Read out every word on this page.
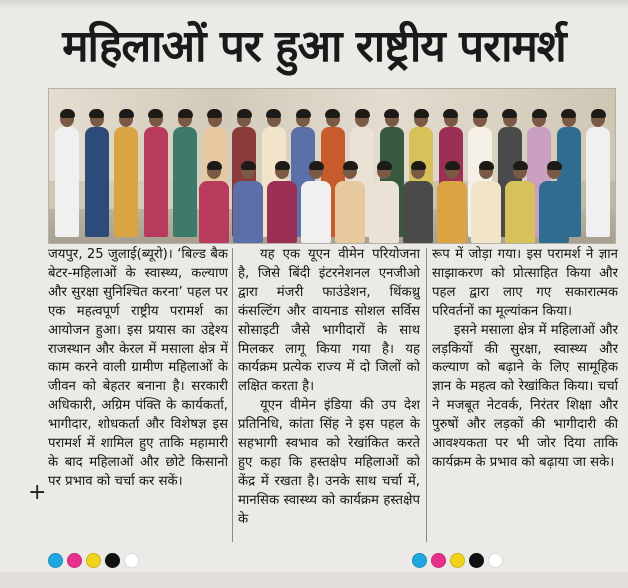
महिलाओं पर हुआ राष्ट्रीय परामर्श

जयपुर, 25 जुलाई(ब्यूरो)। ‘बिल्ड बैक बेटर-महिलाओं के स्वास्थ्य, कल्याण और सुरक्षा सुनिश्चित करना’ पहल पर एक महत्वपूर्ण राष्ट्रीय परामर्श का आयोजन हुआ। इस प्रयास का उद्देश्य राजस्थान और केरल में मसाला क्षेत्र में काम करने वाली ग्रामीण महिलाओं के जीवन को बेहतर बनाना है। सरकारी अधिकारी, अग्रिम पंक्ति के कार्यकर्ता, भागीदार, शोधकर्ता और विशेषज्ञ इस परामर्श में शामिल हुए ताकि महामारी के बाद महिलाओं और छोटे किसानो पर प्रभाव को चर्चा कर सकें।

यह एक यूएन वीमेन परियोजना है, जिसे बिंदी इंटरनेशनल एनजीओ द्वारा मंजरी फाउंडेशन, थिंकथ्रु कंसल्टिंग और वायनाड सोशल सर्विस सोसाइटी जैसे भागीदारों के साथ मिलकर लागू किया गया है। यह कार्यक्रम प्रत्येक राज्य में दो जिलों को लक्षित करता है।

यूएन वीमेन इंडिया की उप देश प्रतिनिधि, कांता सिंह ने इस पहल के सहभागी स्वभाव को रेखांकित करते हुए कहा कि हस्तक्षेप महिलाओं को केंद्र में रखता है। उनके साथ चर्चा में, मानसिक स्वास्थ्य को कार्यक्रम हस्तक्षेप के

रूप में जोड़ा गया। इस परामर्श ने ज्ञान साझाकरण को प्रोत्साहित किया और पहल द्वारा लाए गए सकारात्मक परिवर्तनों का मूल्यांकन किया।

इसने मसाला क्षेत्र में महिलाओं और लड़कियों की सुरक्षा, स्वास्थ्य और कल्याण को बढ़ाने के लिए सामूहिक ज्ञान के महत्व को रेखांकित किया। चर्चा ने मजबूत नेटवर्क, निरंतर शिक्षा और पुरुषों और लड़कों की भागीदारी की आवश्यकता पर भी जोर दिया ताकि कार्यक्रम के प्रभाव को बढ़ाया जा सके।

+
